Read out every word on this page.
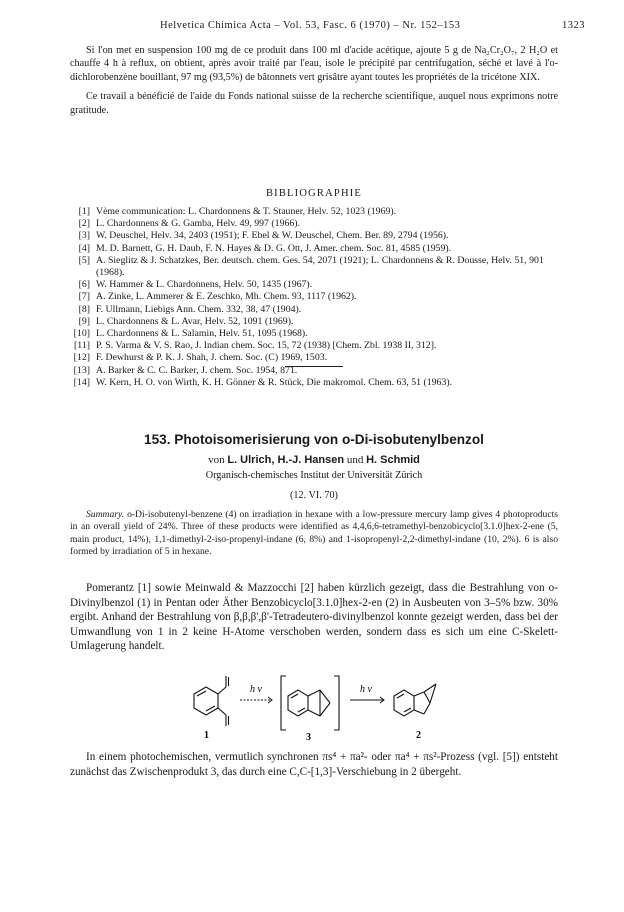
Helvetica Chimica Acta – Vol. 53, Fasc. 6 (1970) – Nr. 152–153	1323

Si l'on met en suspension 100 mg de ce produit dans 100 ml d'acide acétique, ajoute 5 g de Na₂Cr₂O₇, 2 H₂O et chauffe 4 h à reflux, on obtient, après avoir traité par l'eau, isole le précipité par centrifugation, séché et lavé à l'o-dichlorobenzène bouillant, 97 mg (93,5%) de bâtonnets vert grisâtre ayant toutes les propriétés de la tricétone XIX.

Ce travail a bénéficié de l'aide du Fonds national suisse de la recherche scientifique, auquel nous exprimons notre gratitude.

BIBLIOGRAPHIE
[1] Vème communication: L. Chardonnens & T. Stauner, Helv. 52, 1023 (1969).
[2] L. Chardonnens & G. Gamba, Helv. 49, 997 (1966).
[3] W. Deuschel, Helv. 34, 2403 (1951); F. Ebel & W. Deuschel, Chem. Ber. 89, 2794 (1956).
[4] M. D. Barnett, G. H. Daub, F. N. Hayes & D. G. Ott, J. Amer. chem. Soc. 81, 4585 (1959).
[5] A. Sieglitz & J. Schatzkes, Ber. deutsch. chem. Ges. 54, 2071 (1921); L. Chardonnens & R. Dousse, Helv. 51, 901 (1968).
[6] W. Hammer & L. Chardonnens, Helv. 50, 1435 (1967).
[7] A. Zinke, L. Ammerer & E. Zeschko, Mh. Chem. 93, 1117 (1962).
[8] F. Ullmann, Liebigs Ann. Chem. 332, 38, 47 (1904).
[9] L. Chardonnens & L. Avar, Helv. 52, 1091 (1969).
[10] L. Chardonnens & L. Salamin, Helv. 51, 1095 (1968).
[11] P. S. Varma & V. S. Rao, J. Indian chem. Soc. 15, 72 (1938) [Chem. Zbl. 1938 II, 312].
[12] F. Dewhurst & P. K. J. Shah, J. chem. Soc. (C) 1969, 1503.
[13] A. Barker & C. C. Barker, J. chem. Soc. 1954, 871.
[14] W. Kern, H. O. von Wirth, K. H. Gönner & R. Stück, Die makromol. Chem. 63, 51 (1963).
153. Photoisomerisierung von o-Di-isobutenylbenzol
von L. Ulrich, H.-J. Hansen und H. Schmid
Organisch-chemisches Institut der Universität Zürich
(12. VI. 70)

Summary. o-Di-isobutenyl-benzene (4) on irradiation in hexane with a low-pressure mercury lamp gives 4 photoproducts in an overall yield of 24%. Three of these products were identified as 4,4,6,6-tetramethyl-benzobicyclo[3.1.0]hex-2-ene (5, main product, 14%), 1,1-dimethyl-2-iso-propenyl-indane (6, 8%) and 1-isopropenyl-2,2-dimethyl-indane (10, 2%). 6 is also formed by irradiation of 5 in hexane.

Pomerantz [1] sowie Meinwald & Mazzocchi [2] haben kürzlich gezeigt, dass die Bestrahlung von o-Divinylbenzol (1) in Pentan oder Äther Benzobicyclo[3.1.0]hex-2-en (2) in Ausbeuten von 3–5% bzw. 30% ergibt. Anhand der Bestrahlung von β,β,β',β'-Tetradeutero-divinylbenzol konnte gezeigt werden, dass bei der Umwandlung von 1 in 2 keine H-Atome verschoben werden, sondern dass es sich um eine C-Skelett-Umlagerung handelt.

1
h ν
3
h ν
2

In einem photochemischen, vermutlich synchronen πs⁴ + πa²- oder πa⁴ + πs²-Prozess (vgl. [5]) entsteht zunächst das Zwischenprodukt 3, das durch eine C,C-[1,3]-Verschiebung in 2 übergeht.
